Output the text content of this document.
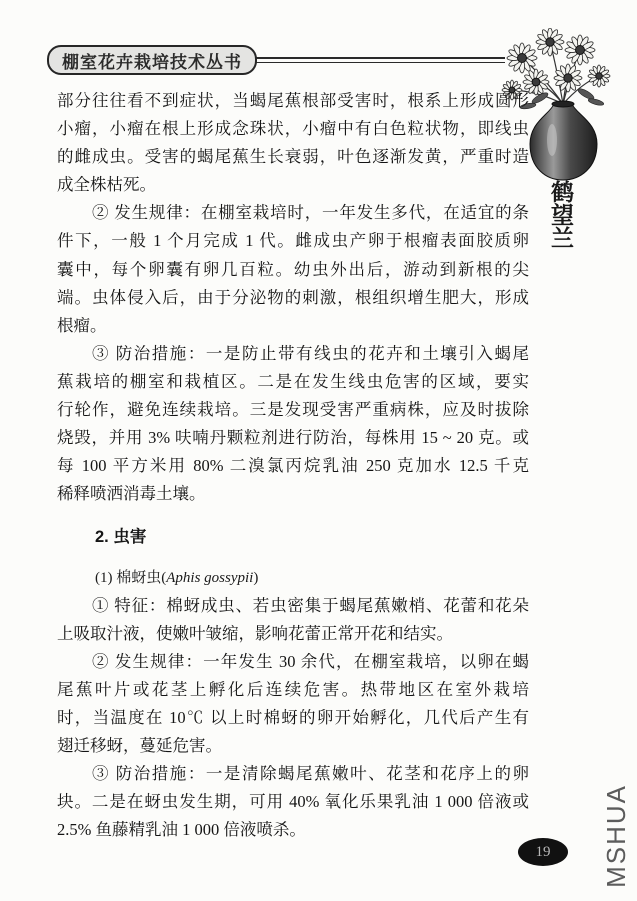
棚室花卉栽培技术丛书
鹤望兰
部分往往看不到症状，当蝎尾蕉根部受害时，根系上形成圆形
小瘤，小瘤在根上形成念珠状，小瘤中有白色粒状物，即线虫
的雌成虫。受害的蝎尾蕉生长衰弱，叶色逐渐发黄，严重时造
成全株枯死。
② 发生规律：在棚室栽培时，一年发生多代，在适宜的条
件下，一般 1 个月完成 1 代。雌成虫产卵于根瘤表面胶质卵
囊中，每个卵囊有卵几百粒。幼虫外出后，游动到新根的尖
端。虫体侵入后，由于分泌物的刺激，根组织增生肥大，形成
根瘤。
③ 防治措施：一是防止带有线虫的花卉和土壤引入蝎尾
蕉栽培的棚室和栽植区。二是在发生线虫危害的区域，要实
行轮作，避免连续栽培。三是发现受害严重病株，应及时拔除
烧毁，并用 3% 呋喃丹颗粒剂进行防治，每株用 15 ~ 20 克。或
每 100 平方米用 80% 二溴氯丙烷乳油 250 克加水 12.5 千克
稀释喷洒消毒土壤。
2. 虫害
(1) 棉蚜虫(Aphis gossypii)
① 特征：棉蚜成虫、若虫密集于蝎尾蕉嫩梢、花蕾和花朵
上吸取汁液，使嫩叶皱缩，影响花蕾正常开花和结实。
② 发生规律：一年发生 30 余代，在棚室栽培，以卵在蝎
尾蕉叶片或花茎上孵化后连续危害。热带地区在室外栽培
时，当温度在 10℃ 以上时棉蚜的卵开始孵化，几代后产生有
翅迁移蚜，蔓延危害。
③ 防治措施：一是清除蝎尾蕉嫩叶、花茎和花序上的卵
块。二是在蚜虫发生期，可用 40% 氧化乐果乳油 1 000 倍液或
2.5% 鱼藤精乳油 1 000 倍液喷杀。
19 MSHUA
